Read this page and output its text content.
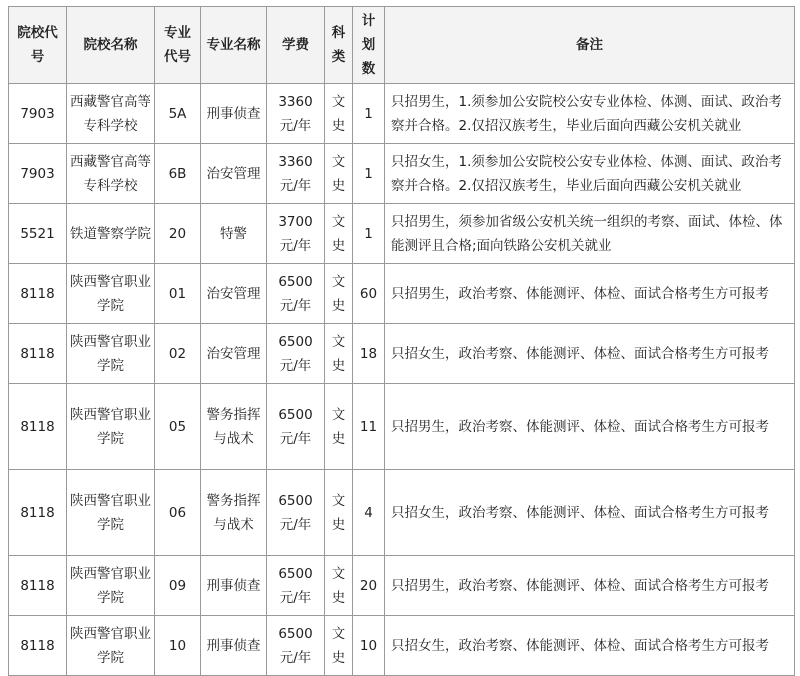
院校代号	院校名称	专业代号	专业名称	学费	科类	计划数	备注
7903	西藏警官高等专科学校	5A	刑事侦查	3360元/年	文史	1	只招男生，1.须参加公安院校公安专业体检、体测、面试、政治考察并合格。2.仅招汉族考生，毕业后面向西藏公安机关就业
7903	西藏警官高等专科学校	6B	治安管理	3360元/年	文史	1	只招女生，1.须参加公安院校公安专业体检、体测、面试、政治考察并合格。2.仅招汉族考生，毕业后面向西藏公安机关就业
5521	铁道警察学院	20	特警	3700元/年	文史	1	只招男生，须参加省级公安机关统一组织的考察、面试、体检、体能测评且合格;面向铁路公安机关就业
8118	陕西警官职业学院	01	治安管理	6500元/年	文史	60	只招男生，政治考察、体能测评、体检、面试合格考生方可报考
8118	陕西警官职业学院	02	治安管理	6500元/年	文史	18	只招女生，政治考察、体能测评、体检、面试合格考生方可报考
8118	陕西警官职业学院	05	警务指挥与战术	6500元/年	文史	11	只招男生，政治考察、体能测评、体检、面试合格考生方可报考
8118	陕西警官职业学院	06	警务指挥与战术	6500元/年	文史	4	只招女生，政治考察、体能测评、体检、面试合格考生方可报考
8118	陕西警官职业学院	09	刑事侦查	6500元/年	文史	20	只招男生，政治考察、体能测评、体检、面试合格考生方可报考
8118	陕西警官职业学院	10	刑事侦查	6500元/年	文史	10	只招女生，政治考察、体能测评、体检、面试合格考生方可报考
